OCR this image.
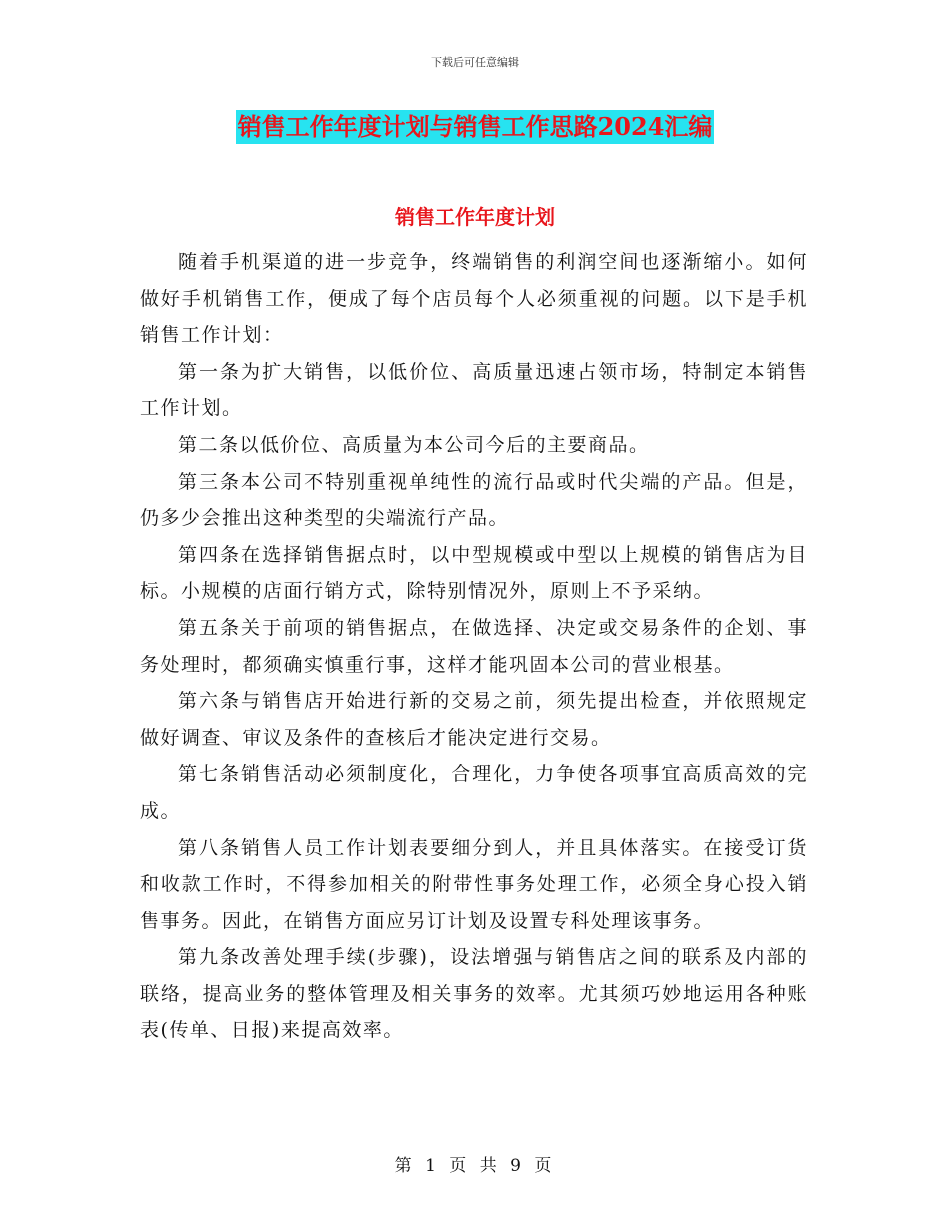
下载后可任意编辑
销售工作年度计划与销售工作思路2024汇编
销售工作年度计划

随着手机渠道的进一步竞争，终端销售的利润空间也逐渐缩小。如何做好手机销售工作，便成了每个店员每个人必须重视的问题。以下是手机销售工作计划：

第一条为扩大销售，以低价位、高质量迅速占领市场，特制定本销售工作计划。

第二条以低价位、高质量为本公司今后的主要商品。

第三条本公司不特别重视单纯性的流行品或时代尖端的产品。但是，仍多少会推出这种类型的尖端流行产品。

第四条在选择销售据点时，以中型规模或中型以上规模的销售店为目标。小规模的店面行销方式，除特别情况外，原则上不予采纳。

第五条关于前项的销售据点，在做选择、决定或交易条件的企划、事务处理时，都须确实慎重行事，这样才能巩固本公司的营业根基。

第六条与销售店开始进行新的交易之前，须先提出检查，并依照规定做好调查、审议及条件的查核后才能决定进行交易。

第七条销售活动必须制度化，合理化，力争使各项事宜高质高效的完成。

第八条销售人员工作计划表要细分到人，并且具体落实。在接受订货和收款工作时，不得参加相关的附带性事务处理工作，必须全身心投入销售事务。因此，在销售方面应另订计划及设置专科处理该事务。

第九条改善处理手续(步骤)，设法增强与销售店之间的联系及内部的联络，提高业务的整体管理及相关事务的效率。尤其须巧妙地运用各种账表(传单、日报)来提高效率。

第 1 页 共 9 页
